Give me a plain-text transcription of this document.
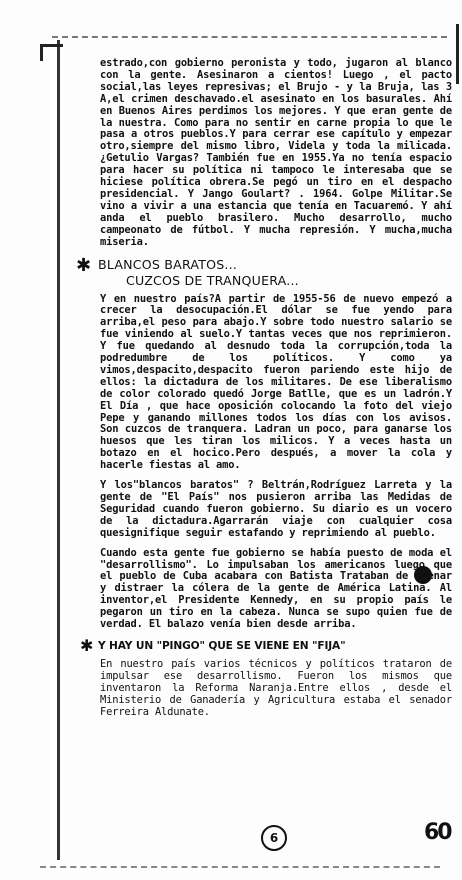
estrado,con gobierno peronista y todo, jugaron al blanco con la gente. Asesinaron a cientos! Luego , el pacto social,las leyes represivas; el Brujo - y la Bruja, las 3 A,el crimen deschavado.el asesinato en los basurales. Ahí en Buenos Aires perdimos los mejores. Y que eran gente de la nuestra. Como para no sentir en carne propia lo que le pasa a otros pueblos.Y para cerrar ese capítulo y empezar otro,siempre del mismo libro, Videla y toda la milicada.¿Getulio Vargas? También fue en 1955.Ya no tenía espacio para hacer su política ni tampoco le interesaba que se hiciese política obrera.Se pegó un tiro en el despacho presidencial. Y Jango Goulart? . 1964. Golpe Militar.Se vino a vivir a una estancia que tenía en Tacuaremó. Y ahí anda el pueblo brasilero. Mucho desarrollo, mucho campeonato de fútbol. Y mucha represión. Y mucha,mucha miseria.

✱ BLANCOS BARATOS...
CUZCOS DE TRANQUERA...

Y en nuestro país?A partir de 1955-56 de nuevo empezó a crecer la desocupación.El dólar se fue yendo para arriba,el peso para abajo.Y sobre todo nuestro salario se fue viniendo al suelo.Y tantas veces que nos reprimieron. Y fue quedando al desnudo toda la corrupción,toda la podredumbre de los políticos. Y como ya vimos,despacito,despacito fueron pariendo este hijo de ellos: la dictadura de los militares. De ese liberalismo de color colorado quedó Jorge Batlle, que es un ladrón.Y El Día , que hace oposición colocando la foto del viejo Pepe y ganando millones todos los días con los avisos. Son cuzcos de tranquera. Ladran un poco, para ganarse los huesos que les tiran los milicos. Y a veces hasta un botazo en el hocico.Pero después, a mover la cola y hacerle fiestas al amo.

Y los"blancos baratos" ? Beltrán,Rodríguez Larreta y la gente de "El País" nos pusieron arriba las Medidas de Seguridad cuando fueron gobierno. Su diario es un vocero de la dictadura.Agarrarán viaje con cualquier cosa quesignifique seguir estafando y reprimiendo al pueblo.

Cuando esta gente fue gobierno se había puesto de moda el "desarrollismo". Lo impulsaban los americanos luego que el pueblo de Cuba acabara con Batista Trataban de frenar y distraer la cólera de la gente de América Latina. Al inventor,el Presidente Kennedy, en su propio país le pegaron un tiro en la cabeza. Nunca se supo quien fue de verdad. El balazo venía bien desde arriba.

✱ Y HAY UN "PINGO" QUE SE VIENE EN "FIJA"

En nuestro país varios técnicos y políticos trataron de impulsar ese desarrollismo. Fueron los mismos que inventaron la Reforma Naranja.Entre ellos , desde el Ministerio de Ganadería y Agricultura estaba el senador Ferreira Aldunate.

6	60
